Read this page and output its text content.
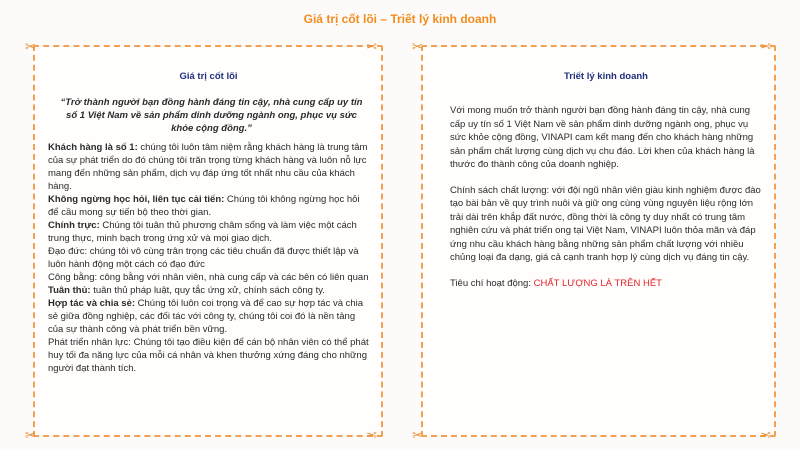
Giá trị cốt lõi – Triết lý kinh doanh
Giá trị cốt lõi
“Trở thành người bạn đồng hành đáng tin cậy, nhà cung cấp uy tín số 1 Việt Nam về sản phẩm dinh dưỡng ngành ong, phục vụ sức khỏe cộng đồng.”

Khách hàng là số 1: chúng tôi luôn tâm niệm rằng khách hàng là trung tâm của sự phát triển do đó chúng tôi trăn trọng từng khách hàng và luôn nỗ lực mang đến những sản phẩm, dịch vụ đáp ứng tốt nhất nhu cầu của khách hàng.

Không ngừng học hỏi, liên tục cải tiến: Chúng tôi không ngừng học hỏi để cầu mong sự tiến bộ theo thời gian.

Chính trực: Chúng tôi tuân thủ phương châm sống và làm việc một cách trung thực, minh bạch trong ứng xử và mọi giao dịch.

Đạo đức: chúng tôi vô cùng trân trọng các tiêu chuẩn đã được thiết lập và luôn hành động một cách có đạo đức

Công bằng: công bằng với nhân viên, nhà cung cấp và các bên có liên quan

Tuân thủ: tuân thủ pháp luật, quy tắc ứng xử, chính sách công ty.

Hợp tác và chia sẻ: Chúng tôi luôn coi trọng và để cao sự hợp tác và chia sẻ giữa đồng nghiệp, các đối tác với công ty, chúng tôi coi đó là nền tảng của sự thành công và phát triển bền vững.

Phát triển nhân lực: Chúng tôi tạo điều kiện để cán bộ nhân viên có thể phát huy tối đa năng lực của mỗi cá nhân và khen thưởng xứng đáng cho những người đạt thành tích.

✂	✂
✂	✂
Triết lý kinh doanh

Với mong muốn trở thành người bạn đồng hành đáng tin cậy, nhà cung cấp uy tín số 1 Việt Nam về sản phẩm dinh dưỡng ngành ong, phục vụ sức khỏe cộng đồng, VINAPI cam kết mang đến cho khách hàng những sản phẩm chất lượng cùng dịch vụ chu đáo. Lời khen của khách hàng là thước đo thành công của doanh nghiệp.

Chính sách chất lượng: với đội ngũ nhân viên giàu kinh nghiệm được đào tạo bài bản về quy trình nuôi và giữ ong cùng vùng nguyên liệu rộng lớn trải dài trên khắp đất nước, đồng thời là công ty duy nhất có trung tâm nghiên cứu và phát triển ong tại Việt Nam, VINAPI luôn thỏa mãn và đáp ứng nhu cầu khách hàng bằng những sản phẩm chất lượng với nhiều chủng loại đa dạng, giá cả cạnh tranh hợp lý cùng dịch vụ đáng tin cậy.

Tiêu chí hoạt động: CHẤT LƯỢNG LÀ TRÊN HẾT

✂	✂
✂	✂
